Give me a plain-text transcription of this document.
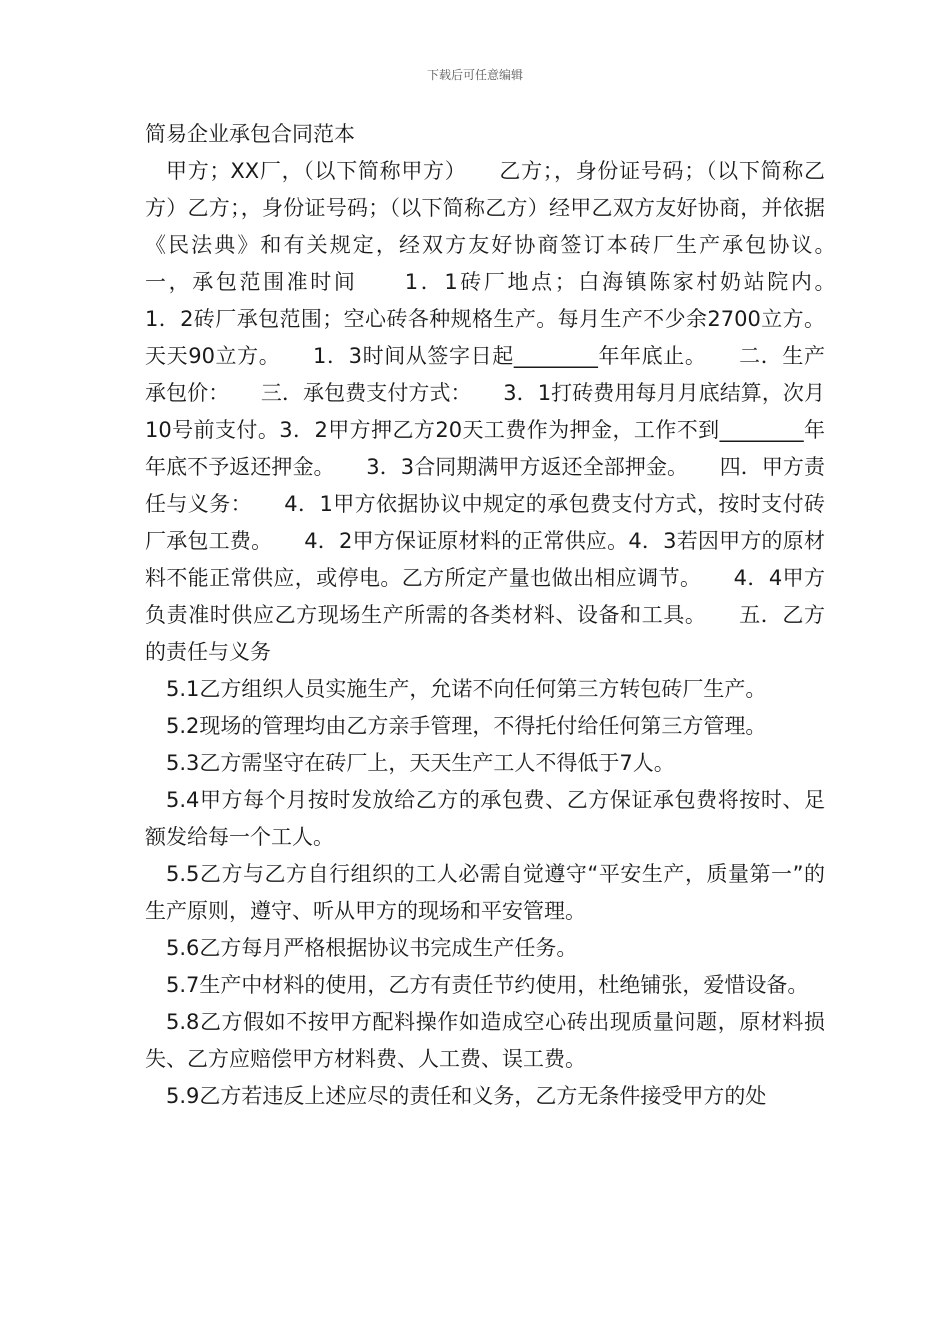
下载后可任意编辑

简易企业承包合同范本

甲方；XX厂，（以下简称甲方）　　乙方；，身份证号码；（以下简称乙方）乙方；，身份证号码；（以下简称乙方）经甲乙双方友好协商，并依据《民法典》和有关规定，经双方友好协商签订本砖厂生产承包协议。　一，承包范围准时间　　1．1砖厂地点；白海镇陈家村奶站院内。　　1．2砖厂承包范围；空心砖各种规格生产。每月生产不少余2700立方。天天90立方。　　1．3时间从签字日起________年年底止。　　二．生产承包价：　　三．承包费支付方式：　　3．1打砖费用每月月底结算，次月10号前支付。3．2甲方押乙方20天工费作为押金，工作不到________年年底不予返还押金。　　3．3合同期满甲方返还全部押金。　　四．甲方责任与义务：　　4．1甲方依据协议中规定的承包费支付方式，按时支付砖厂承包工费。　　4．2甲方保证原材料的正常供应。4．3若因甲方的原材料不能正常供应，或停电。乙方所定产量也做出相应调节。　　4．4甲方负责准时供应乙方现场生产所需的各类材料、设备和工具。　　五．乙方的责任与义务

5.1乙方组织人员实施生产，允诺不向任何第三方转包砖厂生产。

5.2现场的管理均由乙方亲手管理，不得托付给任何第三方管理。

5.3乙方需坚守在砖厂上，天天生产工人不得低于7人。

5.4甲方每个月按时发放给乙方的承包费、乙方保证承包费将按时、足额发给每一个工人。

5.5乙方与乙方自行组织的工人必需自觉遵守“平安生产，质量第一”的生产原则，遵守、听从甲方的现场和平安管理。

5.6乙方每月严格根据协议书完成生产任务。

5.7生产中材料的使用，乙方有责任节约使用，杜绝铺张，爱惜设备。

5.8乙方假如不按甲方配料操作如造成空心砖出现质量问题，原材料损失、乙方应赔偿甲方材料费、人工费、误工费。

5.9乙方若违反上述应尽的责任和义务，乙方无条件接受甲方的处
